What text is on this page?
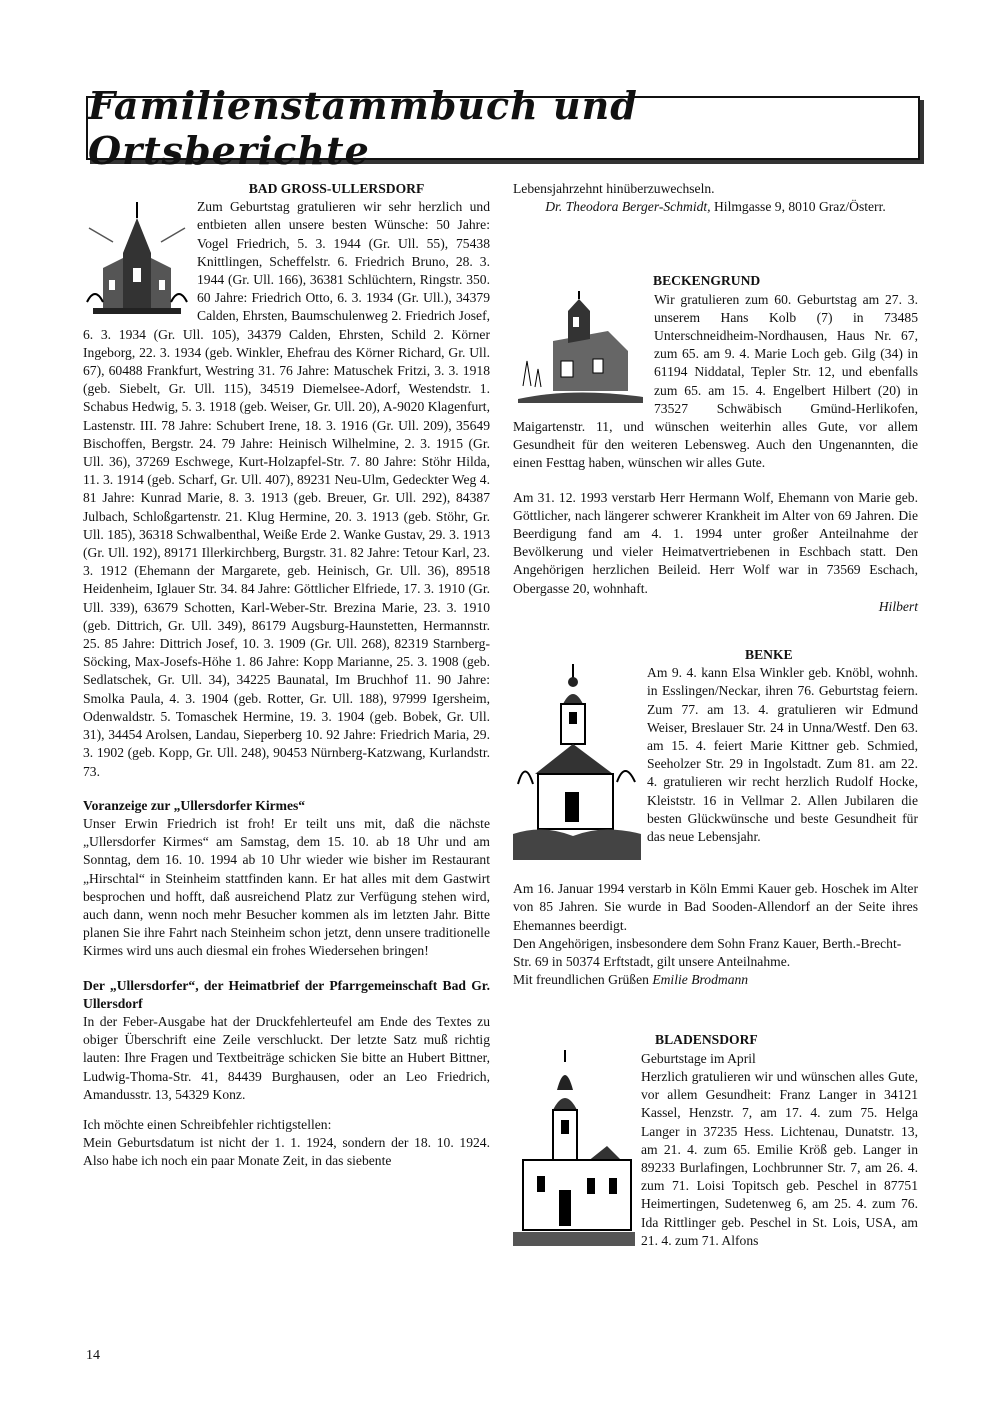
Familienstammbuch und Ortsberichte

BAD GROSS-ULLERSDORF

Zum Geburtstag gratulieren wir sehr herzlich und entbieten allen unsere besten Wünsche: 50 Jahre: Vogel Friedrich, 5. 3. 1944 (Gr. Ull. 55), 75438 Knittlingen, Scheffelstr. 6. Friedrich Bruno, 28. 3. 1944 (Gr. Ull. 166), 36381 Schlüchtern, Ringstr. 350. 60 Jahre: Friedrich Otto, 6. 3. 1934 (Gr. Ull.), 34379 Calden, Ehrsten, Baumschulenweg 2. Friedrich Josef, 6. 3. 1934 (Gr. Ull. 105), 34379 Calden, Ehrsten, Schild 2. Körner Ingeborg, 22. 3. 1934 (geb. Winkler, Ehefrau des Körner Richard, Gr. Ull. 67), 60488 Frankfurt, Westring 31. 76 Jahre: Matuschek Fritzi, 3. 3. 1918 (geb. Siebelt, Gr. Ull. 115), 34519 Diemelsee-Adorf, Westendstr. 1. Schabus Hedwig, 5. 3. 1918 (geb. Weiser, Gr. Ull. 20), A-9020 Klagenfurt, Lastenstr. III. 78 Jahre: Schubert Irene, 18. 3. 1916 (Gr. Ull. 209), 35649 Bischoffen, Bergstr. 24. 79 Jahre: Heinisch Wilhelmine, 2. 3. 1915 (Gr. Ull. 36), 37269 Eschwege, Kurt-Holzapfel-Str. 7. 80 Jahre: Stöhr Hilda, 11. 3. 1914 (geb. Scharf, Gr. Ull. 407), 89231 Neu-Ulm, Gedeckter Weg 4. 81 Jahre: Kunrad Marie, 8. 3. 1913 (geb. Breuer, Gr. Ull. 292), 84387 Julbach, Schloßgartenstr. 21. Klug Hermine, 20. 3. 1913 (geb. Stöhr, Gr. Ull. 185), 36318 Schwalbenthal, Weiße Erde 2. Wanke Gustav, 29. 3. 1913 (Gr. Ull. 192), 89171 Illerkirchberg, Burgstr. 31. 82 Jahre: Tetour Karl, 23. 3. 1912 (Ehemann der Margarete, geb. Heinisch, Gr. Ull. 36), 89518 Heidenheim, Iglauer Str. 34. 84 Jahre: Göttlicher Elfriede, 17. 3. 1910 (Gr. Ull. 339), 63679 Schotten, Karl-Weber-Str. Brezina Marie, 23. 3. 1910 (geb. Dittrich, Gr. Ull. 349), 86179 Augsburg-Haunstetten, Hermannstr. 25. 85 Jahre: Dittrich Josef, 10. 3. 1909 (Gr. Ull. 268), 82319 Starnberg-Söcking, Max-Josefs-Höhe 1. 86 Jahre: Kopp Marianne, 25. 3. 1908 (geb. Sedlatschek, Gr. Ull. 34), 34225 Baunatal, Im Bruchhof 11. 90 Jahre: Smolka Paula, 4. 3. 1904 (geb. Rotter, Gr. Ull. 188), 97999 Igersheim, Odenwaldstr. 5. Tomaschek Hermine, 19. 3. 1904 (geb. Bobek, Gr. Ull. 31), 34454 Arolsen, Landau, Sieperberg 10. 92 Jahre: Friedrich Maria, 29. 3. 1902 (geb. Kopp, Gr. Ull. 248), 90453 Nürnberg-Katzwang, Kurlandstr. 73.

Voranzeige zur „Ullersdorfer Kirmes“

Unser Erwin Friedrich ist froh! Er teilt uns mit, daß die nächste „Ullersdorfer Kirmes“ am Samstag, dem 15. 10. ab 18 Uhr und am Sonntag, dem 16. 10. 1994 ab 10 Uhr wieder wie bisher im Restaurant „Hirschtal“ in Steinheim stattfinden kann. Er hat alles mit dem Gastwirt besprochen und hofft, daß ausreichend Platz zur Verfügung stehen wird, auch dann, wenn noch mehr Besucher kommen als im letzten Jahr. Bitte planen Sie ihre Fahrt nach Steinheim schon jetzt, denn unsere traditionelle Kirmes wird uns auch diesmal ein frohes Wiedersehen bringen!

Der „Ullersdorfer“, der Heimatbrief der Pfarrgemeinschaft Bad Gr. Ullersdorf

In der Feber-Ausgabe hat der Druckfehlerteufel am Ende des Textes zu obiger Überschrift eine Zeile verschluckt. Der letzte Satz muß richtig lauten: Ihre Fragen und Textbeiträge schicken Sie bitte an Hubert Bittner, Ludwig-Thoma-Str. 41, 84439 Burghausen, oder an Leo Friedrich, Amandusstr. 13, 54329 Konz.

Ich möchte einen Schreibfehler richtigstellen:

Mein Geburtsdatum ist nicht der 1. 1. 1924, sondern der 18. 10. 1924. Also habe ich noch ein paar Monate Zeit, in das siebente

14

Lebensjahrzehnt hinüberzuwechseln.

Dr. Theodora Berger-Schmidt, Hilmgasse 9, 8010 Graz/Österr.

BECKENGRUND

Wir gratulieren zum 60. Geburtstag am 27. 3. unserem Hans Kolb (7) in 73485 Unterschneidheim-Nordhausen, Haus Nr. 67, zum 65. am 9. 4. Marie Loch geb. Gilg (34) in 61194 Niddatal, Tepler Str. 12, und ebenfalls zum 65. am 15. 4. Engelbert Hilbert (20) in 73527 Schwäbisch Gmünd-Herlikofen, Maigartenstr. 11, und wünschen weiterhin alles Gute, vor allem Gesundheit für den weiteren Lebensweg. Auch den Ungenannten, die einen Festtag haben, wünschen wir alles Gute.

Am 31. 12. 1993 verstarb Herr Hermann Wolf, Ehemann von Marie geb. Göttlicher, nach längerer schwerer Krankheit im Alter von 69 Jahren. Die Beerdigung fand am 4. 1. 1994 unter großer Anteilnahme der Bevölkerung und vieler Heimatvertriebenen in Eschbach statt. Den Angehörigen herzlichen Beileid. Herr Wolf war in 73569 Eschach, Obergasse 20, wohnhaft.

Hilbert

BENKE

Am 9. 4. kann Elsa Winkler geb. Knöbl, wohnh. in Esslingen/Neckar, ihren 76. Geburtstag feiern. Zum 77. am 13. 4. gratulieren wir Edmund Weiser, Breslauer Str. 24 in Unna/Westf. Den 63. am 15. 4. feiert Marie Kittner geb. Schmied, Seeholzer Str. 29 in Ingolstadt. Zum 81. am 22. 4. gratulieren wir recht herzlich Rudolf Hocke, Kleiststr. 16 in Vellmar 2. Allen Jubilaren die besten Glückwünsche und beste Gesundheit für das neue Lebensjahr.

Am 16. Januar 1994 verstarb in Köln Emmi Kauer geb. Hoschek im Alter von 85 Jahren. Sie wurde in Bad Sooden-Allendorf an der Seite ihres Ehemannes beerdigt.

Den Angehörigen, insbesondere dem Sohn Franz Kauer, Berth.-Brecht-Str. 69 in 50374 Erftstadt, gilt unsere Anteilnahme.

Mit freundlichen Grüßen Emilie Brodmann

BLADENSDORF

Geburtstage im April

Herzlich gratulieren wir und wünschen alles Gute, vor allem Gesundheit: Franz Langer in 34121 Kassel, Henzstr. 7, am 17. 4. zum 75. Helga Langer in 37235 Hess. Lichtenau, Dunatstr. 13, am 21. 4. zum 65. Emilie Kröß geb. Langer in 89233 Burlafingen, Lochbrunner Str. 7, am 26. 4. zum 71. Loisi Topitsch geb. Peschel in 87751 Heimertingen, Sudetenweg 6, am 25. 4. zum 76. Ida Rittlinger geb. Peschel in St. Lois, USA, am 21. 4. zum 71. Alfons
